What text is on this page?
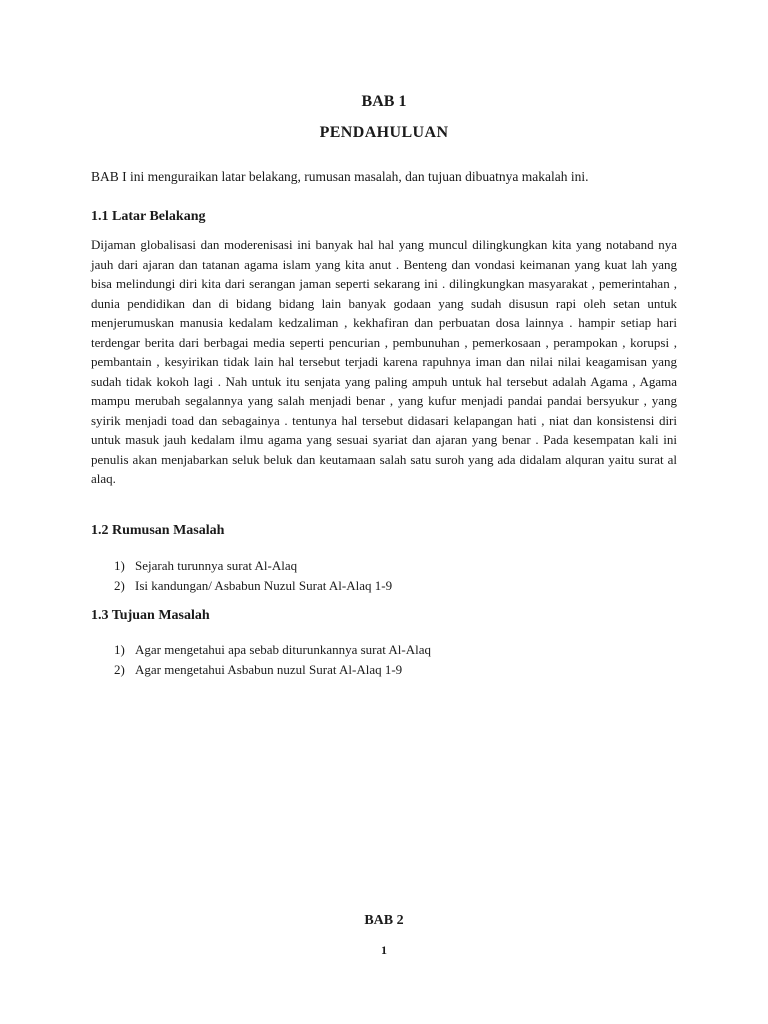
BAB 1
PENDAHULUAN

BAB I ini menguraikan latar belakang, rumusan masalah, dan tujuan dibuatnya makalah ini.

1.1 Latar Belakang

Dijaman globalisasi dan moderenisasi ini banyak hal hal yang muncul dilingkungkan kita yang notaband nya jauh dari ajaran dan tatanan agama islam yang kita anut . Benteng dan vondasi keimanan yang kuat lah yang bisa melindungi diri kita dari serangan jaman seperti sekarang ini . dilingkungkan masyarakat , pemerintahan , dunia pendidikan dan di bidang bidang lain banyak godaan yang sudah disusun rapi oleh setan untuk menjerumuskan manusia kedalam kedzaliman , kekhafiran dan perbuatan dosa lainnya . hampir setiap hari terdengar berita dari berbagai media seperti pencurian , pembunuhan , pemerkosaan , perampokan , korupsi , pembantain , kesyirikan tidak lain hal tersebut terjadi karena rapuhnya iman dan nilai nilai keagamisan yang sudah tidak kokoh lagi . Nah untuk itu senjata yang paling ampuh untuk hal tersebut adalah Agama , Agama mampu merubah segalannya yang salah menjadi benar , yang kufur menjadi pandai pandai bersyukur , yang syirik menjadi toad dan sebagainya . tentunya hal tersebut didasari kelapangan hati , niat dan konsistensi diri untuk masuk jauh kedalam ilmu agama yang sesuai syariat dan ajaran yang benar . Pada kesempatan kali ini penulis akan menjabarkan seluk beluk dan keutamaan salah satu suroh yang ada didalam alquran yaitu surat al alaq.

1.2 Rumusan Masalah
1) Sejarah turunnya surat Al-Alaq
2) Isi kandungan/ Asbabun Nuzul Surat Al-Alaq 1-9
1.3 Tujuan Masalah
1) Agar mengetahui apa sebab diturunkannya surat Al-Alaq
2) Agar mengetahui Asbabun nuzul Surat Al-Alaq 1-9
BAB 2
1
